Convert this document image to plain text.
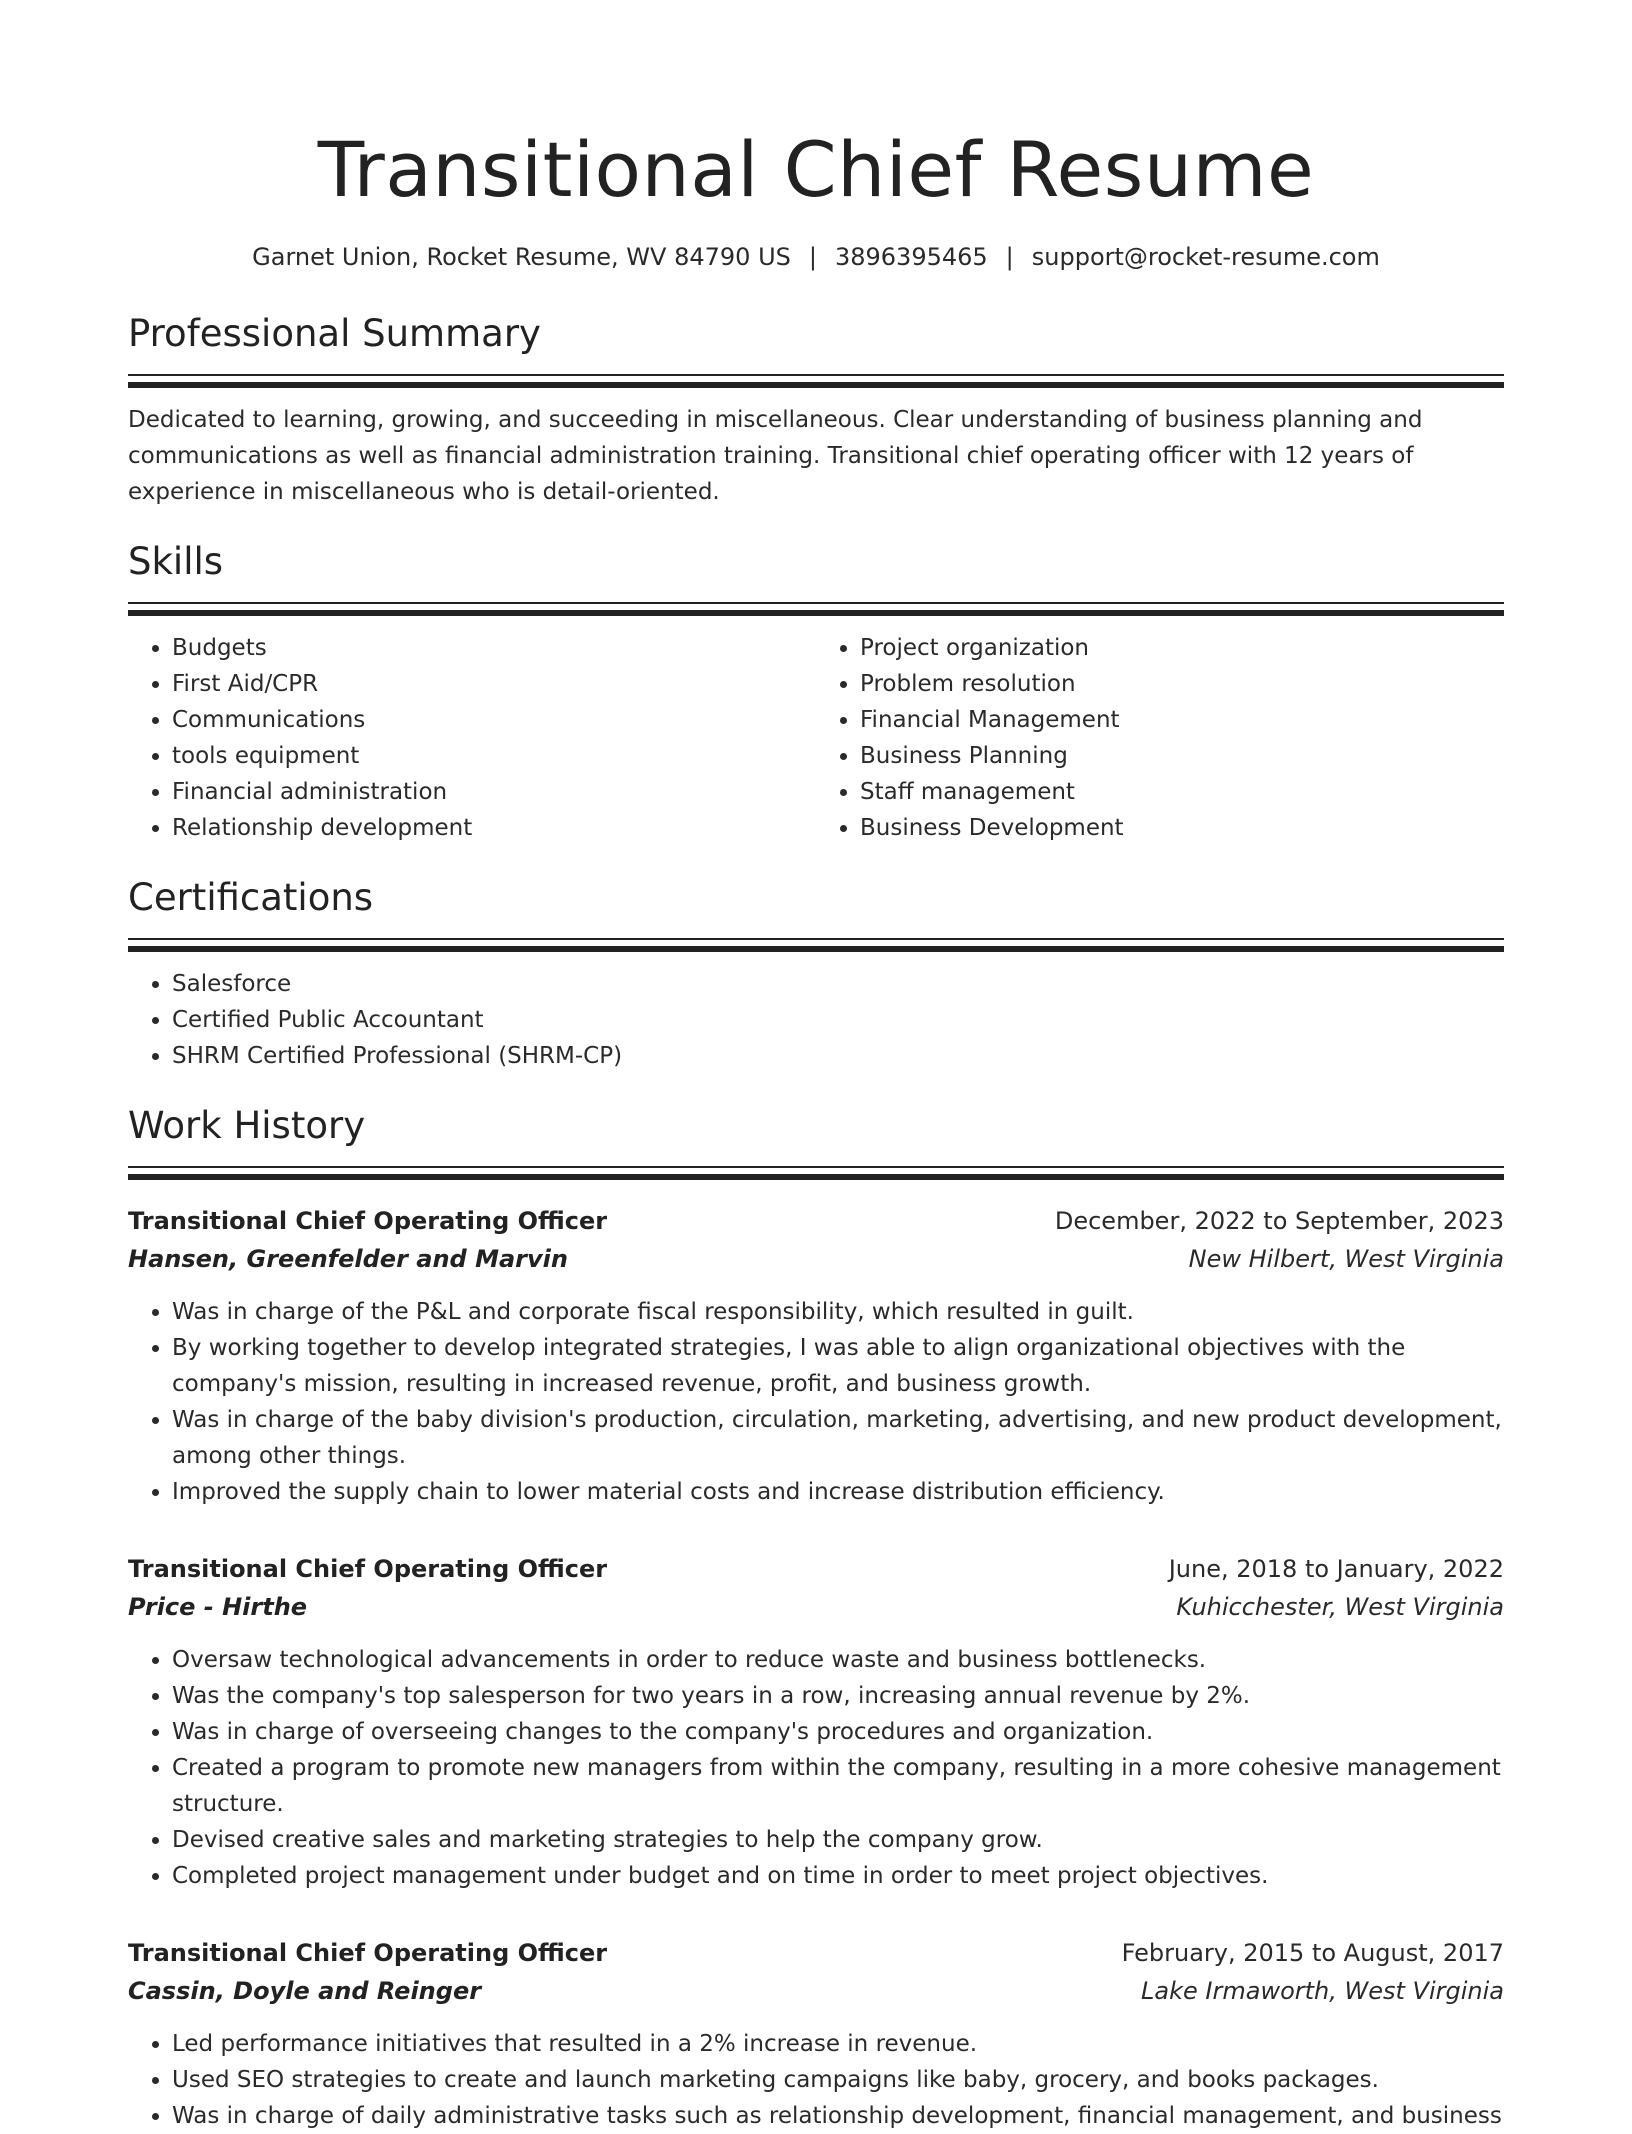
Transitional Chief Resume
Garnet Union, Rocket Resume, WV 84790 US | 3896395465 | support@rocket-resume.com
Professional Summary

Dedicated to learning, growing, and succeeding in miscellaneous. Clear understanding of business planning and communications as well as financial administration training. Transitional chief operating officer with 12 years of experience in miscellaneous who is detail-oriented.

Skills
• Budgets
• First Aid/CPR
• Communications
• tools equipment
• Financial administration
• Relationship development
• Project organization
• Problem resolution
• Financial Management
• Business Planning
• Staff management
• Business Development
Certifications
• Salesforce
• Certified Public Accountant
• SHRM Certified Professional (SHRM-CP)
Work History
Transitional Chief Operating Officer	December, 2022 to September, 2023
Hansen, Greenfelder and Marvin	New Hilbert, West Virginia
• Was in charge of the P&L and corporate fiscal responsibility, which resulted in guilt.
• By working together to develop integrated strategies, I was able to align organizational objectives with the company's mission, resulting in increased revenue, profit, and business growth.
• Was in charge of the baby division's production, circulation, marketing, advertising, and new product development, among other things.
• Improved the supply chain to lower material costs and increase distribution efficiency.
Transitional Chief Operating Officer	June, 2018 to January, 2022
Price - Hirthe	Kuhicchester, West Virginia
• Oversaw technological advancements in order to reduce waste and business bottlenecks.
• Was the company's top salesperson for two years in a row, increasing annual revenue by 2%.
• Was in charge of overseeing changes to the company's procedures and organization.
• Created a program to promote new managers from within the company, resulting in a more cohesive management structure.
• Devised creative sales and marketing strategies to help the company grow.
• Completed project management under budget and on time in order to meet project objectives.
Transitional Chief Operating Officer	February, 2015 to August, 2017
Cassin, Doyle and Reinger	Lake Irmaworth, West Virginia
• Led performance initiatives that resulted in a 2% increase in revenue.
• Used SEO strategies to create and launch marketing campaigns like baby, grocery, and books packages.
• Was in charge of daily administrative tasks such as relationship development, financial management, and business
